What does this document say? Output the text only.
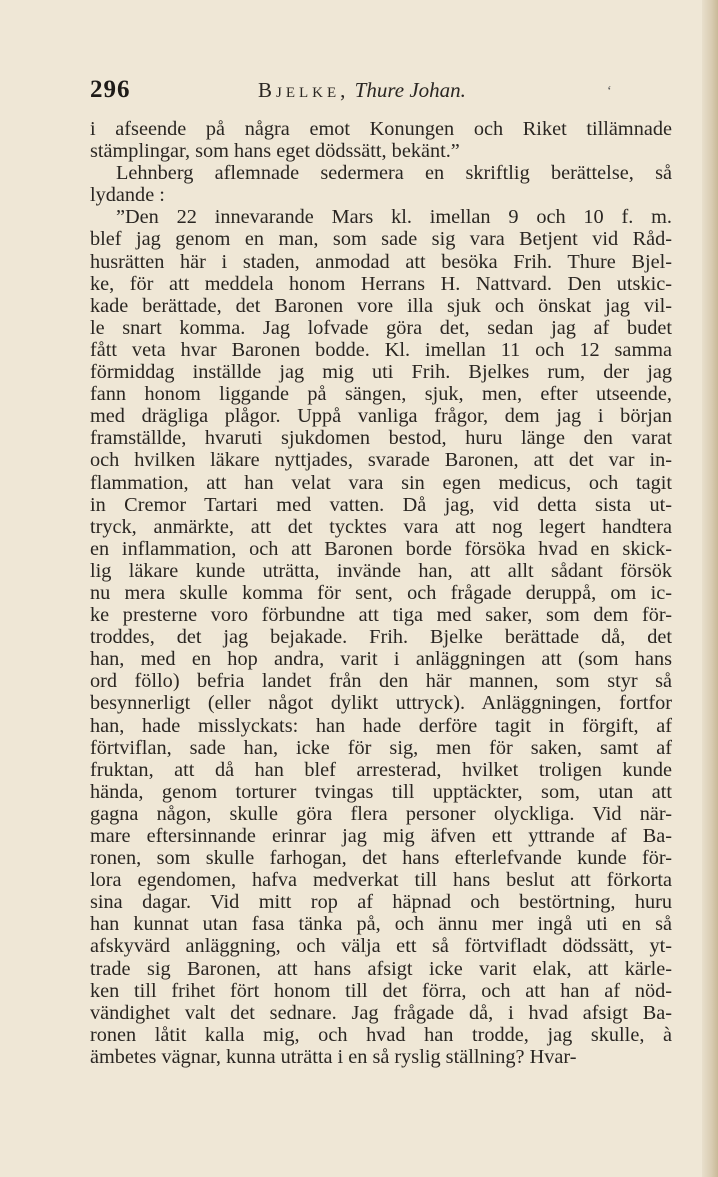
296	Bjelke, Thure Johan.	ʻ
i afseende på några emot Konungen och Riket tillämnade
stämplingar, som hans eget dödssätt, bekänt.”
Lehnberg aflemnade sedermera en skriftlig berättelse, så
lydande :
”Den 22 innevarande Mars kl. imellan 9 och 10 f. m.
blef jag genom en man, som sade sig vara Betjent vid Råd-
husrätten här i staden, anmodad att besöka Frih. Thure Bjel-
ke, för att meddela honom Herrans H. Nattvard. Den utskic-
kade berättade, det Baronen vore illa sjuk och önskat jag vil-
le snart komma. Jag lofvade göra det, sedan jag af budet
fått veta hvar Baronen bodde. Kl. imellan 11 och 12 samma
förmiddag inställde jag mig uti Frih. Bjelkes rum, der jag
fann honom liggande på sängen, sjuk, men, efter utseende,
med drägliga plågor. Uppå vanliga frågor, dem jag i början
framställde, hvaruti sjukdomen bestod, huru länge den varat
och hvilken läkare nyttjades, svarade Baronen, att det var in-
flammation, att han velat vara sin egen medicus, och tagit
in Cremor Tartari med vatten. Då jag, vid detta sista ut-
tryck, anmärkte, att det tycktes vara att nog legert handtera
en inflammation, och att Baronen borde försöka hvad en skick-
lig läkare kunde uträtta, invände han, att allt sådant försök
nu mera skulle komma för sent, och frågade deruppå, om ic-
ke presterne voro förbundne att tiga med saker, som dem för-
troddes, det jag bejakade. Frih. Bjelke berättade då, det
han, med en hop andra, varit i anläggningen att (som hans
ord föllo) befria landet från den här mannen, som styr så
besynnerligt (eller något dylikt uttryck). Anläggningen, fortfor
han, hade misslyckats: han hade derföre tagit in förgift, af
förtviflan, sade han, icke för sig, men för saken, samt af
fruktan, att då han blef arresterad, hvilket troligen kunde
hända, genom torturer tvingas till upptäckter, som, utan att
gagna någon, skulle göra flera personer olyckliga. Vid när-
mare eftersinnande erinrar jag mig äfven ett yttrande af Ba-
ronen, som skulle farhogan, det hans efterlefvande kunde för-
lora egendomen, hafva medverkat till hans beslut att förkorta
sina dagar. Vid mitt rop af häpnad och bestörtning, huru
han kunnat utan fasa tänka på, och ännu mer ingå uti en så
afskyvärd anläggning, och välja ett så förtvifladt dödssätt, yt-
trade sig Baronen, att hans afsigt icke varit elak, att kärle-
ken till frihet fört honom till det förra, och att han af nöd-
vändighet valt det sednare. Jag frågade då, i hvad afsigt Ba-
ronen låtit kalla mig, och hvad han trodde, jag skulle, à
ämbetes vägnar, kunna uträtta i en så ryslig ställning? Hvar-
